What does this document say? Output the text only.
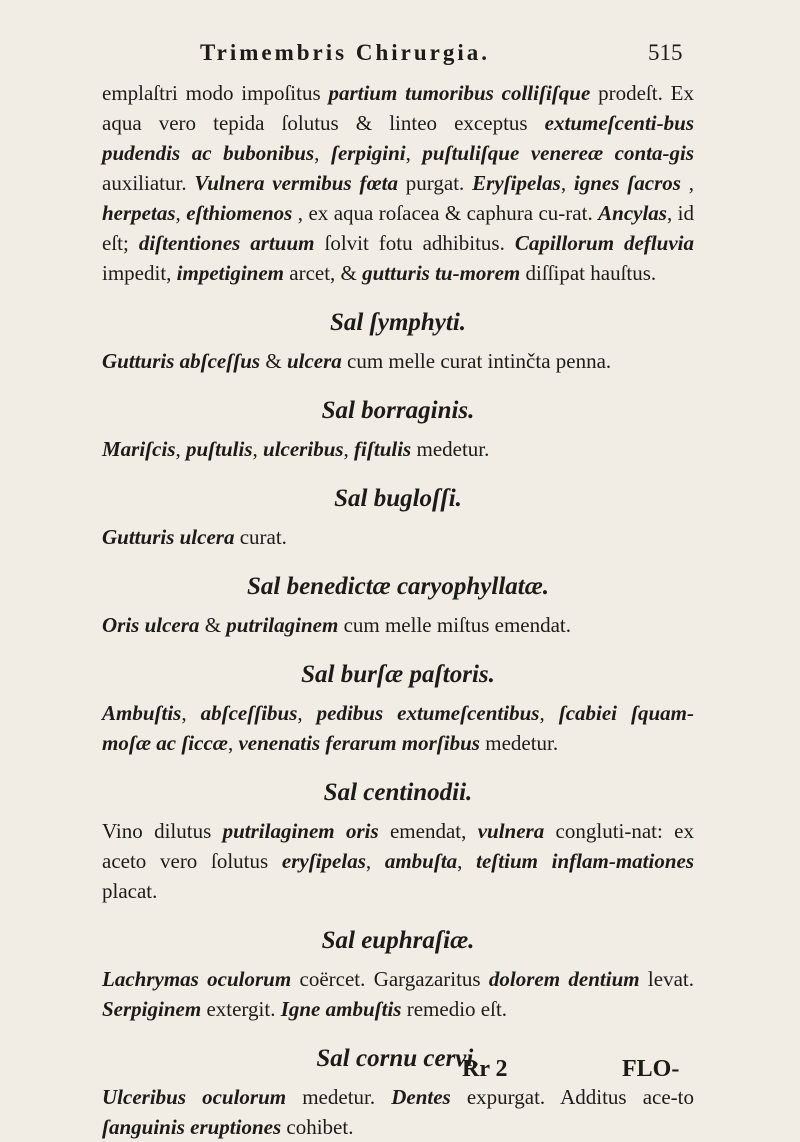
Trimembris Chirurgia.	515

emplaſtri modo impoſitus partium tumoribus colliſiſque prodeſt. Ex aqua vero tepida ſolutus & linteo exceptus extumeſcenti-bus pudendis ac bubonibus, ſerpigini, puſtuliſque venereæ conta-gis auxiliatur. Vulnera vermibus fœta purgat. Eryſipelas, ignes ſacros , herpetas, eſthiomenos , ex aqua roſacea & caphura cu-rat. Ancylas, id eſt; diſtentiones artuum ſolvit fotu adhibitus. Capillorum defluvia impedit, impetiginem arcet, & gutturis tu-morem diſſipat hauſtus.

Sal ſymphyti.

Gutturis abſceſſus & ulcera cum melle curat intinčta penna.

Sal borraginis.

Mariſcis, puſtulis, ulceribus, fiſtulis medetur.

Sal bugloſſi.

Gutturis ulcera curat.

Sal benedictæ caryophyllatæ.

Oris ulcera & putrilaginem cum melle miſtus emendat.

Sal burſæ paſtoris.

Ambuſtis, abſceſſibus, pedibus extumeſcentibus, ſcabiei ſquam-moſæ ac ſiccæ, venenatis ferarum morſibus medetur.

Sal centinodii.

Vino dilutus putrilaginem oris emendat, vulnera congluti-nat: ex aceto vero ſolutus eryſipelas, ambuſta, teſtium inflam-mationes placat.

Sal euphraſiæ.

Lachrymas oculorum coërcet. Gargazaritus dolorem dentium levat. Serpiginem extergit. Igne ambuſtis remedio eſt.

Sal cornu cervi.

Ulceribus oculorum medetur. Dentes expurgat. Additus ace-to ſanguinis eruptiones cohibet.

Rr 2	FLO-
